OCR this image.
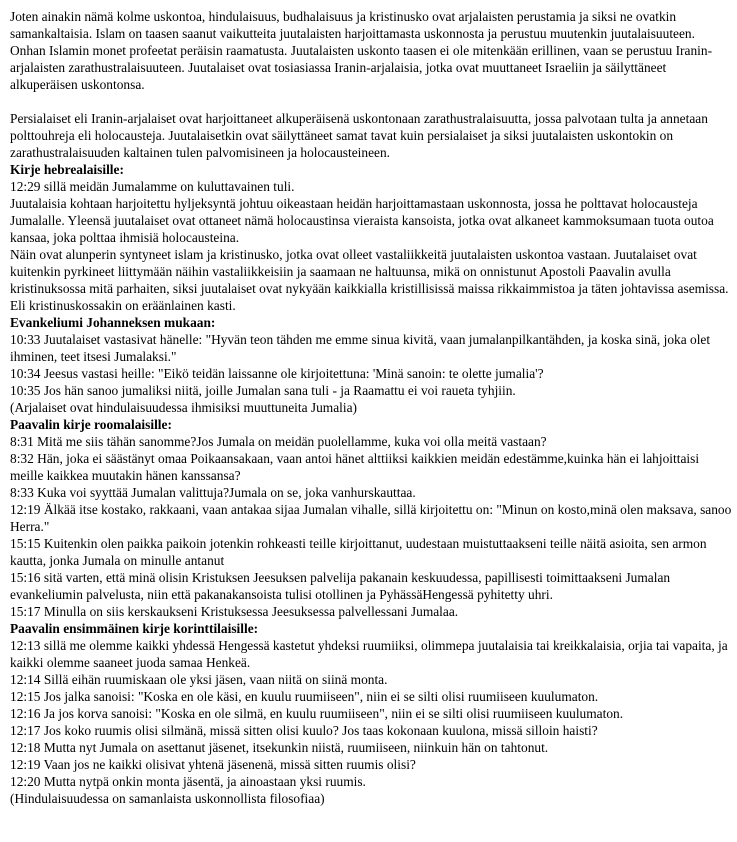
Joten ainakin nämä kolme uskontoa, hindulaisuus, budhalaisuus ja kristinusko ovat arjalaisten perustamia ja siksi ne ovatkin samankaltaisia. Islam on taasen saanut vaikutteita juutalaisten harjoittamasta uskonnosta ja perustuu muutenkin juutalaisuuteen. Onhan Islamin monet profeetat peräisin raamatusta. Juutalaisten uskonto taasen ei ole mitenkään erillinen, vaan se perustuu Iranin-arjalaisten zarathustralaisuuteen. Juutalaiset ovat tosiasiassa Iranin-arjalaisia, jotka ovat muuttaneet Israeliin ja säilyttäneet alkuperäisen uskontonsa.

Persialaiset eli Iranin-arjalaiset ovat harjoittaneet alkuperäisenä uskontonaan zarathustralaisuutta, jossa palvotaan tulta ja annetaan polttouhreja eli holocausteja. Juutalaisetkin ovat säilyttäneet samat tavat kuin persialaiset ja siksi juutalaisten uskontokin on zarathustralaisuuden kaltainen tulen palvomisineen ja holocausteineen.

Kirje hebrealaisille:

12:29 sillä meidän Jumalamme on kuluttavainen tuli.

Juutalaisia kohtaan harjoitettu hyljeksyntä johtuu oikeastaan heidän harjoittamastaan uskonnosta, jossa he polttavat holocausteja Jumalalle. Yleensä juutalaiset ovat ottaneet nämä holocaustinsa vieraista kansoista, jotka ovat alkaneet kammoksumaan tuota outoa kansaa, joka polttaa ihmisiä holocausteina.

Näin ovat alunperin syntyneet islam ja kristinusko, jotka ovat olleet vastaliikkeitä juutalaisten uskontoa vastaan. Juutalaiset ovat kuitenkin pyrkineet liittymään näihin vastaliikkeisiin ja saamaan ne haltuunsa, mikä on onnistunut Apostoli Paavalin avulla kristinuksossa mitä parhaiten, siksi juutalaiset ovat nykyään kaikkialla kristillisissä maissa rikkaimmistoa ja täten johtavissa asemissa. Eli kristinuskossakin on eräänlainen kasti.

Evankeliumi Johanneksen mukaan:

10:33 Juutalaiset vastasivat hänelle: "Hyvän teon tähden me emme sinua kivitä, vaan jumalanpilkantähden, ja koska sinä, joka olet ihminen, teet itsesi Jumalaksi."

10:34 Jeesus vastasi heille: "Eikö teidän laissanne ole kirjoitettuna: 'Minä sanoin: te olette jumalia'?

10:35 Jos hän sanoo jumaliksi niitä, joille Jumalan sana tuli - ja Raamattu ei voi raueta tyhjiin.

(Arjalaiset ovat hindulaisuudessa ihmisiksi muuttuneita Jumalia)

Paavalin kirje roomalaisille:

8:31 Mitä me siis tähän sanomme?Jos Jumala on meidän puolellamme, kuka voi olla meitä vastaan?

8:32 Hän, joka ei säästänyt omaa Poikaansakaan, vaan antoi hänet alttiiksi kaikkien meidän edestämme,kuinka hän ei lahjoittaisi meille kaikkea muutakin hänen kanssansa?

8:33 Kuka voi syyttää Jumalan valittuja?Jumala on se, joka vanhurskauttaa.

12:19 Älkää itse kostako, rakkaani, vaan antakaa sijaa Jumalan vihalle, sillä kirjoitettu on: "Minun on kosto,minä olen maksava, sanoo Herra."

15:15 Kuitenkin olen paikka paikoin jotenkin rohkeasti teille kirjoittanut, uudestaan muistuttaakseni teille näitä asioita, sen armon kautta, jonka Jumala on minulle antanut

15:16 sitä varten, että minä olisin Kristuksen Jeesuksen palvelija pakanain keskuudessa, papillisesti toimittaakseni Jumalan evankeliumin palvelusta, niin että pakanakansoista tulisi otollinen ja PyhässäHengessä pyhitetty uhri.

15:17 Minulla on siis kerskaukseni Kristuksessa Jeesuksessa palvellessani Jumalaa.

Paavalin ensimmäinen kirje korinttilaisille:

12:13 sillä me olemme kaikki yhdessä Hengessä kastetut yhdeksi ruumiiksi, olimmepa juutalaisia tai kreikkalaisia, orjia tai vapaita, ja kaikki olemme saaneet juoda samaa Henkeä.

12:14 Sillä eihän ruumiskaan ole yksi jäsen, vaan niitä on siinä monta.

12:15 Jos jalka sanoisi: "Koska en ole käsi, en kuulu ruumiiseen", niin ei se silti olisi ruumiiseen kuulumaton.

12:16 Ja jos korva sanoisi: "Koska en ole silmä, en kuulu ruumiiseen", niin ei se silti olisi ruumiiseen kuulumaton.

12:17 Jos koko ruumis olisi silmänä, missä sitten olisi kuulo? Jos taas kokonaan kuulona, missä silloin haisti?

12:18 Mutta nyt Jumala on asettanut jäsenet, itsekunkin niistä, ruumiiseen, niinkuin hän on tahtonut.

12:19 Vaan jos ne kaikki olisivat yhtenä jäsenenä, missä sitten ruumis olisi?

12:20 Mutta nytpä onkin monta jäsentä, ja ainoastaan yksi ruumis.

(Hindulaisuudessa on samanlaista uskonnollista filosofiaa)
